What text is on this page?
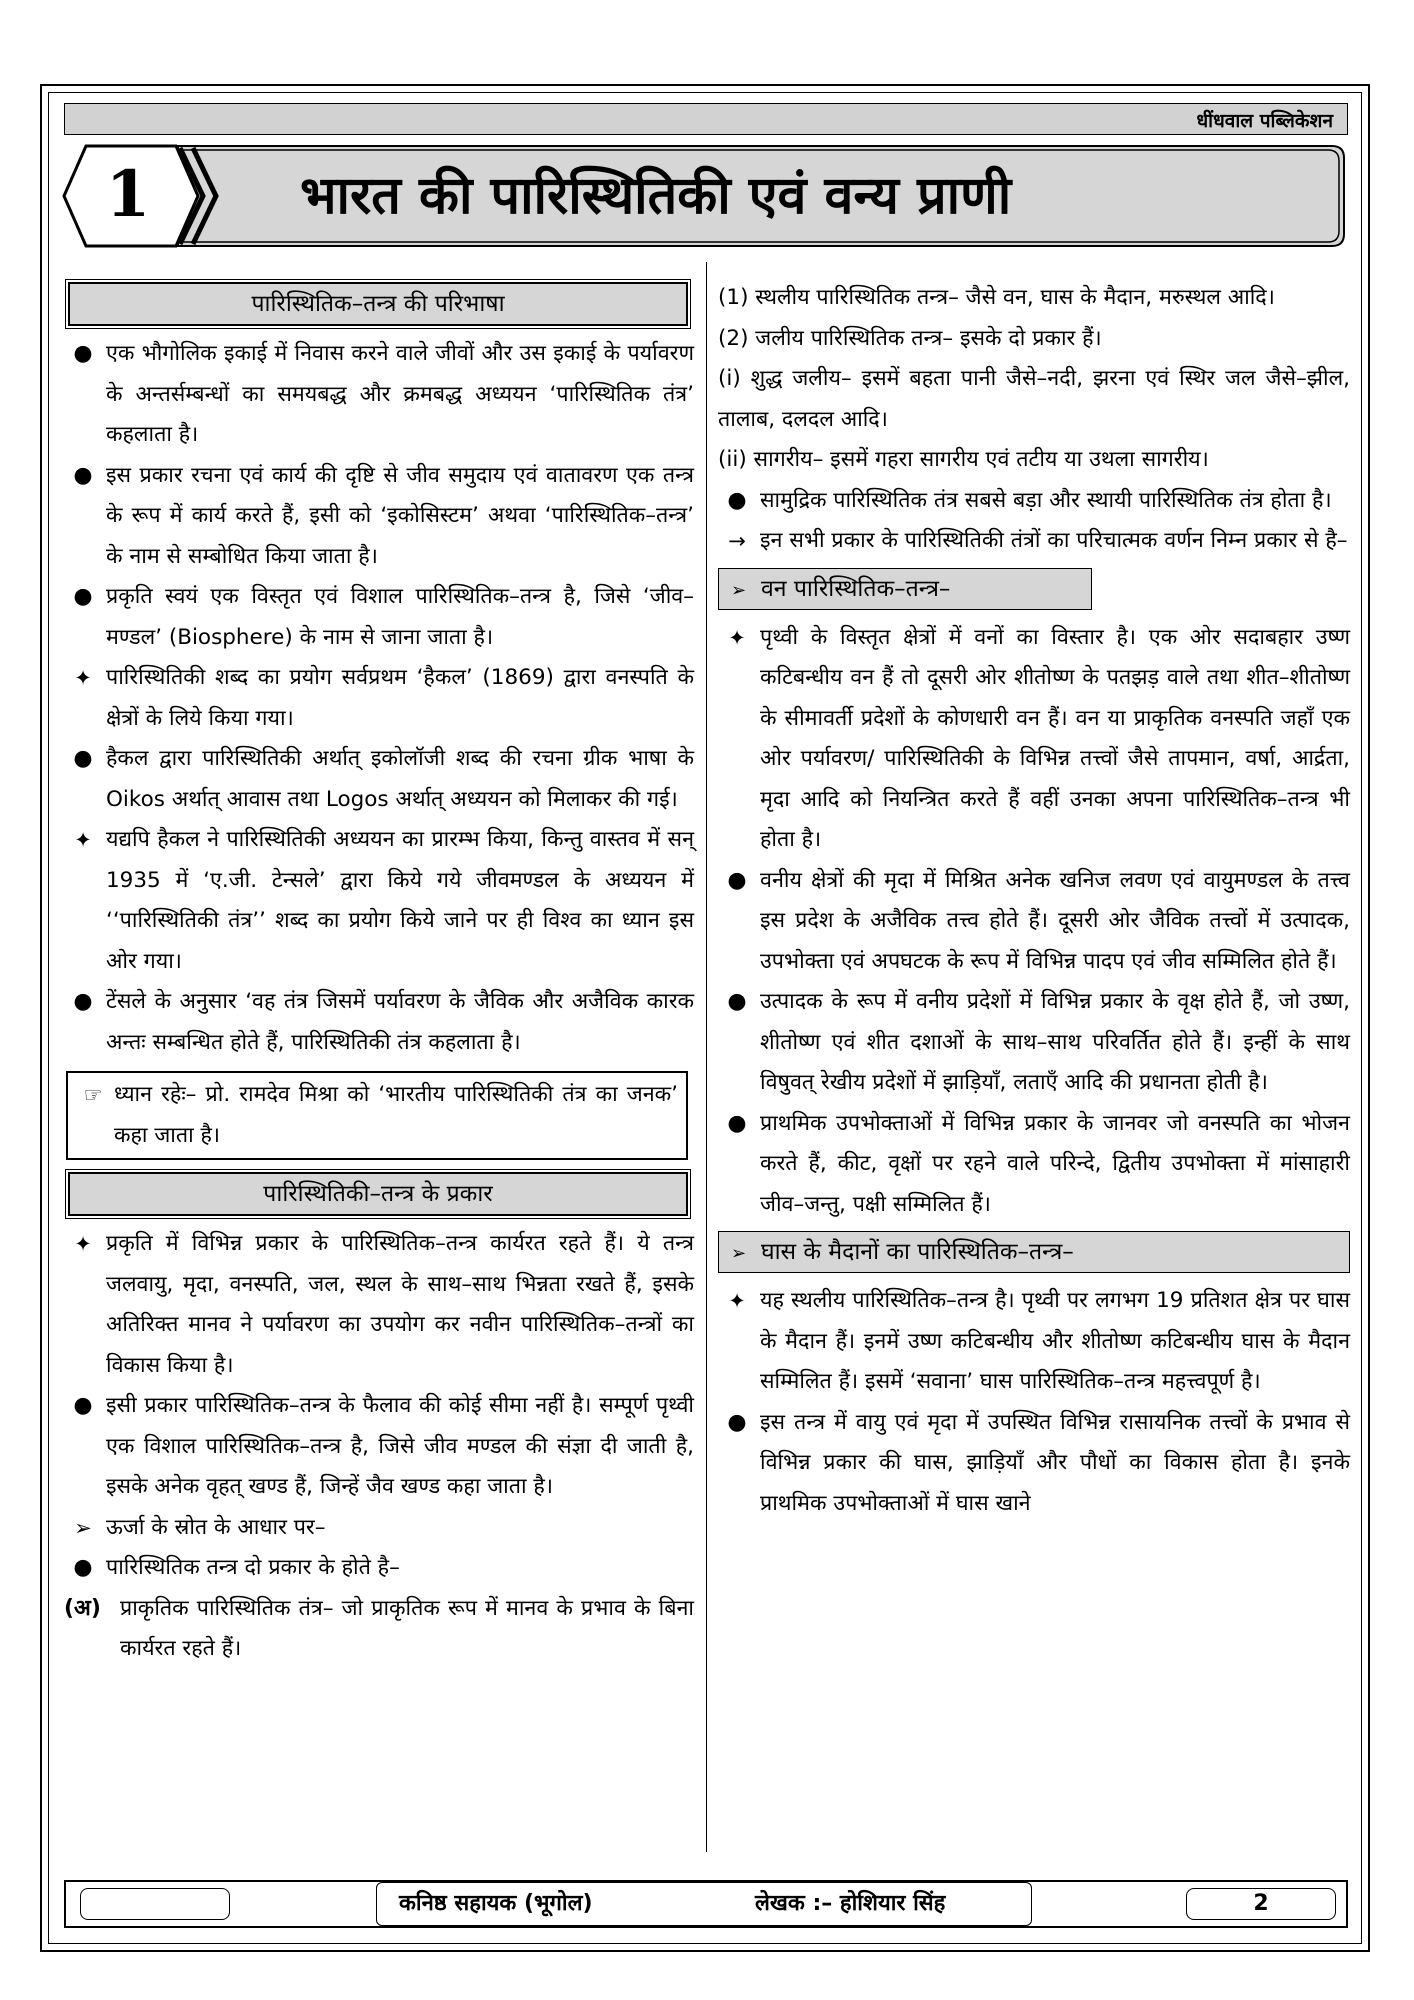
धींधवाल पब्लिकेशन
1	भारत की पारिस्थितिकी एवं वन्य प्राणी
पारिस्थितिक–तन्त्र की परिभाषा
● एक भौगोलिक इकाई में निवास करने वाले जीवों और उस इकाई के पर्यावरण के अन्तर्सम्बन्धों का समयबद्ध और क्रमबद्ध अध्ययन ‘पारिस्थितिक तंत्र’ कहलाता है।
● इस प्रकार रचना एवं कार्य की दृष्टि से जीव समुदाय एवं वातावरण एक तन्त्र के रूप में कार्य करते हैं, इसी को ‘इकोसिस्टम’ अथवा ‘पारिस्थितिक–तन्त्र’ के नाम से सम्बोधित किया जाता है।
● प्रकृति स्वयं एक विस्तृत एवं विशाल पारिस्थितिक–तन्त्र है, जिसे ‘जीव–मण्डल’ (Biosphere) के नाम से जाना जाता है।
✦ पारिस्थितिकी शब्द का प्रयोग सर्वप्रथम ‘हैकल’ (1869) द्वारा वनस्पति के क्षेत्रों के लिये किया गया।
● हैकल द्वारा पारिस्थितिकी अर्थात् इकोलॉजी शब्द की रचना ग्रीक भाषा के Oikos अर्थात् आवास तथा Logos अर्थात् अध्ययन को मिलाकर की गई।
✦ यद्यपि हैकल ने पारिस्थितिकी अध्ययन का प्रारम्भ किया, किन्तु वास्तव में सन् 1935 में ‘ए.जी. टेन्सले’ द्वारा किये गये जीवमण्डल के अध्ययन में ‘‘पारिस्थितिकी तंत्र’’ शब्द का प्रयोग किये जाने पर ही विश्व का ध्यान इस ओर गया।
● टेंसले के अनुसार ‘वह तंत्र जिसमें पर्यावरण के जैविक और अजैविक कारक अन्तः सम्बन्धित होते हैं, पारिस्थितिकी तंत्र कहलाता है।
☞ ध्यान रहेः– प्रो. रामदेव मिश्रा को ‘भारतीय पारिस्थितिकी तंत्र का जनक’ कहा जाता है।
पारिस्थितिकी–तन्त्र के प्रकार
✦ प्रकृति में विभिन्न प्रकार के पारिस्थितिक–तन्त्र कार्यरत रहते हैं। ये तन्त्र जलवायु, मृदा, वनस्पति, जल, स्थल के साथ–साथ भिन्नता रखते हैं, इसके अतिरिक्त मानव ने पर्यावरण का उपयोग कर नवीन पारिस्थितिक–तन्त्रों का विकास किया है।
● इसी प्रकार पारिस्थितिक–तन्त्र के फैलाव की कोई सीमा नहीं है। सम्पूर्ण पृथ्वी एक विशाल पारिस्थितिक–तन्त्र है, जिसे जीव मण्डल की संज्ञा दी जाती है, इसके अनेक वृहत् खण्ड हैं, जिन्हें जैव खण्ड कहा जाता है।
➢ ऊर्जा के स्रोत के आधार पर–
● पारिस्थितिक तन्त्र दो प्रकार के होते है–
(अ) प्राकृतिक पारिस्थितिक तंत्र– जो प्राकृतिक रूप में मानव के प्रभाव के बिना कार्यरत रहते हैं।
(1) स्थलीय पारिस्थितिक तन्त्र– जैसे वन, घास के मैदान, मरुस्थल आदि।
(2) जलीय पारिस्थितिक तन्त्र– इसके दो प्रकार हैं।
(i) शुद्ध जलीय– इसमें बहता पानी जैसे–नदी, झरना एवं स्थिर जल जैसे–झील, तालाब, दलदल आदि।
(ii) सागरीय– इसमें गहरा सागरीय एवं तटीय या उथला सागरीय।
● सामुद्रिक पारिस्थितिक तंत्र सबसे बड़ा और स्थायी पारिस्थितिक तंत्र होता है।
→ इन सभी प्रकार के पारिस्थितिकी तंत्रों का परिचात्मक वर्णन निम्न प्रकार से है–
➢ वन पारिस्थितिक–तन्त्र–
✦ पृथ्वी के विस्तृत क्षेत्रों में वनों का विस्तार है। एक ओर सदाबहार उष्ण कटिबन्धीय वन हैं तो दूसरी ओर शीतोष्ण के पतझड़ वाले तथा शीत–शीतोष्ण के सीमावर्ती प्रदेशों के कोणधारी वन हैं। वन या प्राकृतिक वनस्पति जहाँ एक ओर पर्यावरण/ पारिस्थितिकी के विभिन्न तत्त्वों जैसे तापमान, वर्षा, आर्द्रता, मृदा आदि को नियन्त्रित करते हैं वहीं उनका अपना पारिस्थितिक–तन्त्र भी होता है।
● वनीय क्षेत्रों की मृदा में मिश्रित अनेक खनिज लवण एवं वायुमण्डल के तत्त्व इस प्रदेश के अजैविक तत्त्व होते हैं। दूसरी ओर जैविक तत्त्वों में उत्पादक, उपभोक्ता एवं अपघटक के रूप में विभिन्न पादप एवं जीव सम्मिलित होते हैं।
● उत्पादक के रूप में वनीय प्रदेशों में विभिन्न प्रकार के वृक्ष होते हैं, जो उष्ण, शीतोष्ण एवं शीत दशाओं के साथ–साथ परिवर्तित होते हैं। इन्हीं के साथ विषुवत् रेखीय प्रदेशों में झाड़ियाँ, लताएँ आदि की प्रधानता होती है।
● प्राथमिक उपभोक्ताओं में विभिन्न प्रकार के जानवर जो वनस्पति का भोजन करते हैं, कीट, वृक्षों पर रहने वाले परिन्दे, द्वितीय उपभोक्ता में मांसाहारी जीव–जन्तु, पक्षी सम्मिलित हैं।
➢ घास के मैदानों का पारिस्थितिक–तन्त्र–
✦ यह स्थलीय पारिस्थितिक–तन्त्र है। पृथ्वी पर लगभग 19 प्रतिशत क्षेत्र पर घास के मैदान हैं। इनमें उष्ण कटिबन्धीय और शीतोष्ण कटिबन्धीय घास के मैदान सम्मिलित हैं। इसमें ‘सवाना’ घास पारिस्थितिक–तन्त्र महत्त्वपूर्ण है।
● इस तन्त्र में वायु एवं मृदा में उपस्थित विभिन्न रासायनिक तत्त्वों के प्रभाव से विभिन्न प्रकार की घास, झाड़ियाँ और पौधों का विकास होता है। इनके प्राथमिक उपभोक्ताओं में घास खाने
कनिष्ठ सहायक (भूगोल)	लेखक :– होशियार सिंह	2
